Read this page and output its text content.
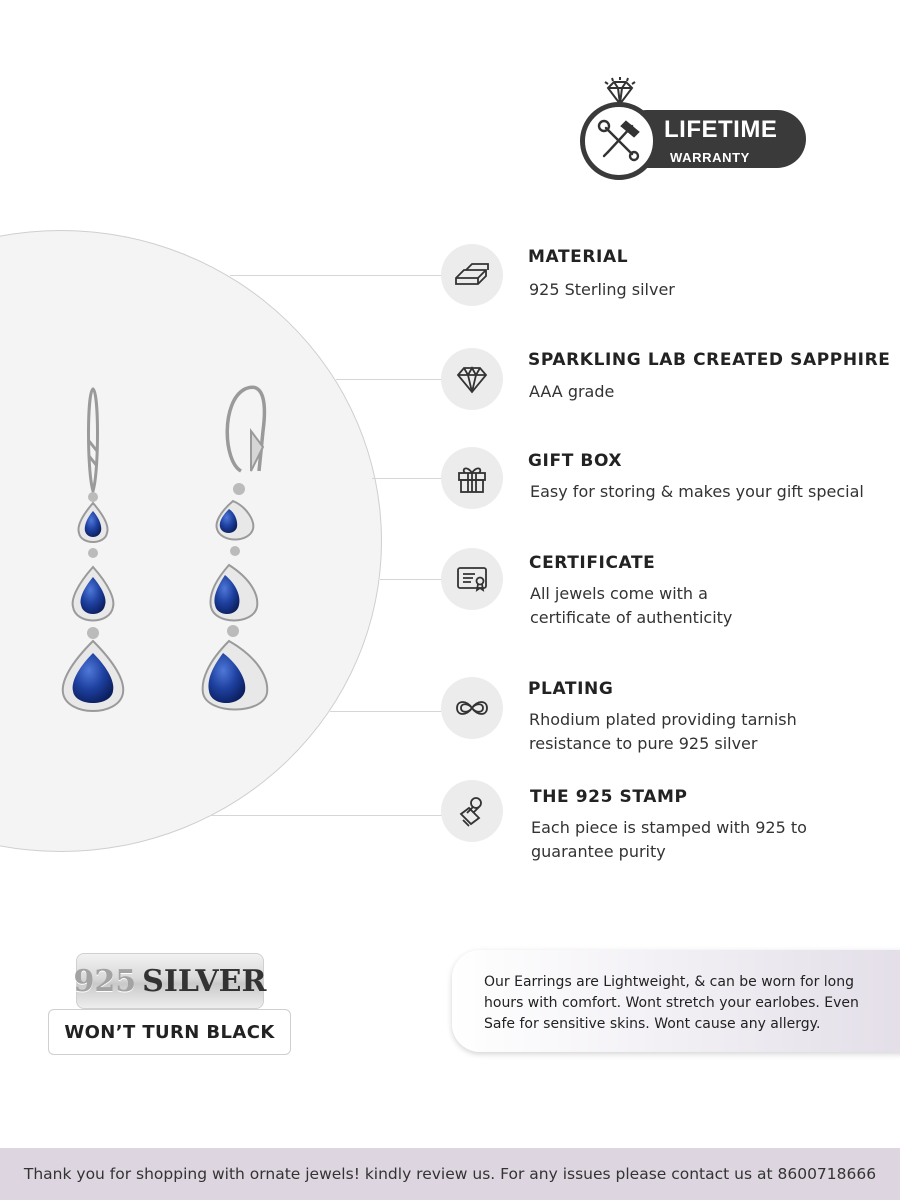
LIFETIME
WARRANTY
MATERIAL
925 Sterling silver
SPARKLING LAB CREATED SAPPHIRE
AAA grade
GIFT BOX
Easy for storing & makes your gift special
CERTIFICATE
All jewels come with a
certificate of authenticity
PLATING
Rhodium plated providing tarnish
resistance to pure 925 silver
THE 925 STAMP
Each piece is stamped with 925 to
guarantee purity
925 SILVER
WON’T TURN BLACK
Our Earrings are Lightweight, & can be worn for long
hours with comfort. Wont stretch your earlobes. Even
Safe for sensitive skins. Wont cause any allergy.
Thank you for shopping with ornate jewels! kindly review us. For any issues please contact us at 8600718666
